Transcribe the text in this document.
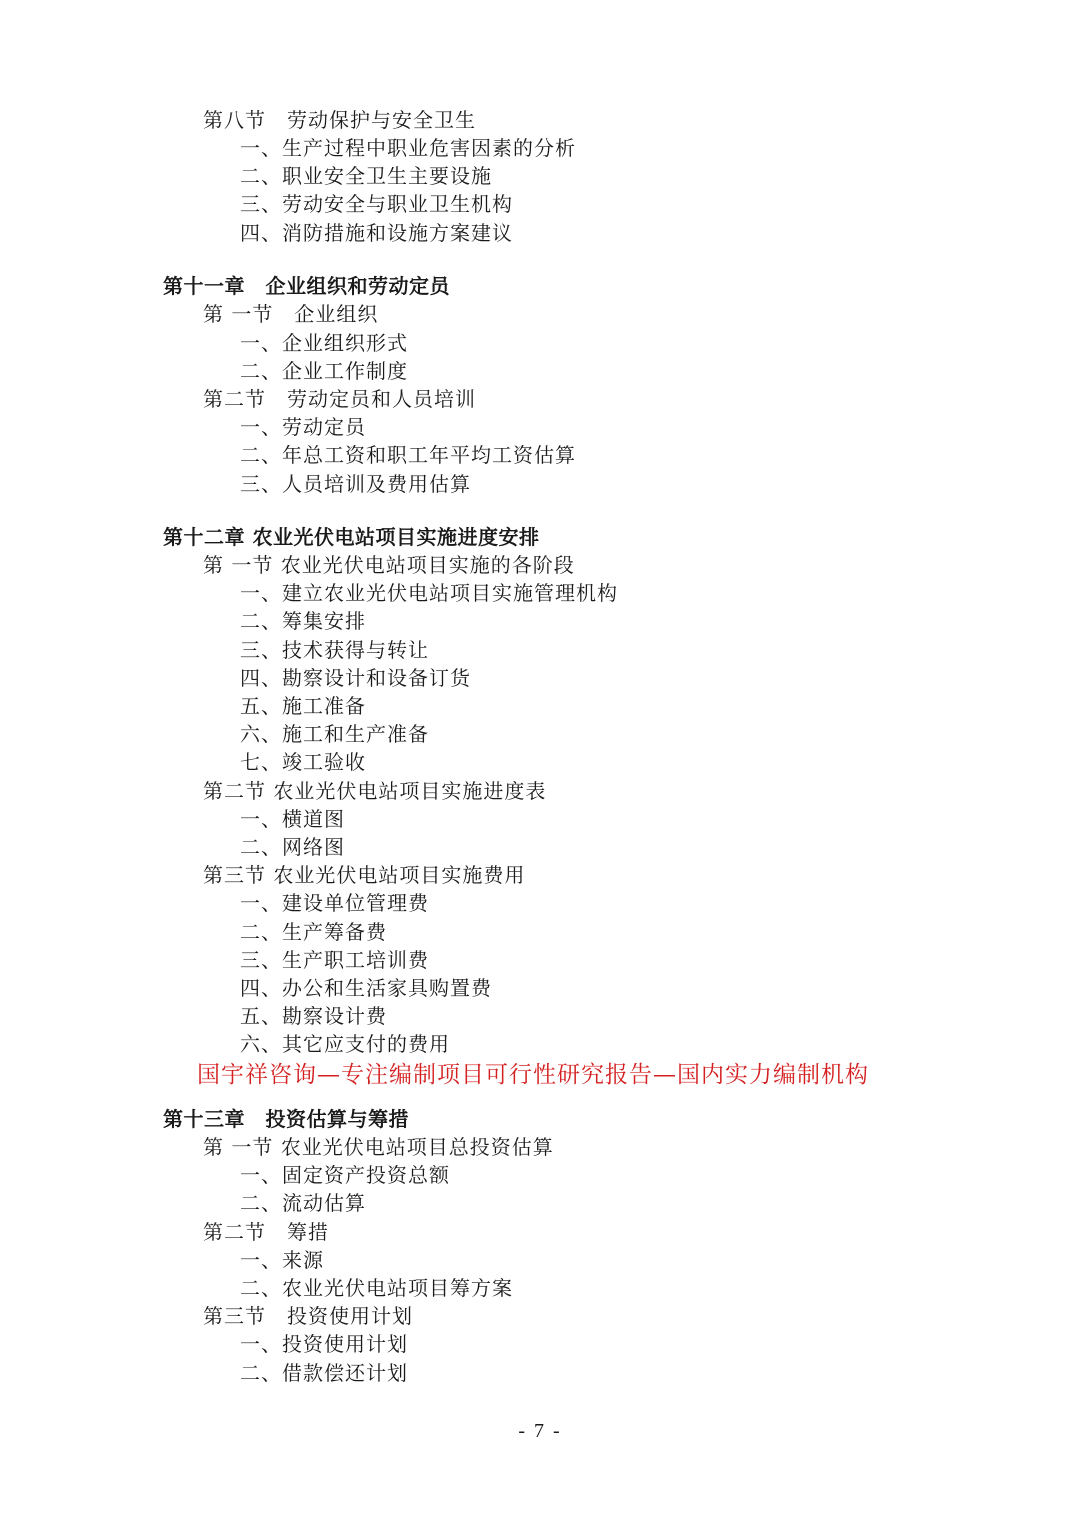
第八节　劳动保护与安全卫生
一、生产过程中职业危害因素的分析
二、职业安全卫生主要设施
三、劳动安全与职业卫生机构
四、消防措施和设施方案建议
第十一章　企业组织和劳动定员
第 一节　企业组织
一、企业组织形式
二、企业工作制度
第二节　劳动定员和人员培训
一、劳动定员
二、年总工资和职工年平均工资估算
三、人员培训及费用估算
第十二章 农业光伏电站项目实施进度安排
第 一节 农业光伏电站项目实施的各阶段
一、建立农业光伏电站项目实施管理机构
二、筹集安排
三、技术获得与转让
四、勘察设计和设备订货
五、施工准备
六、施工和生产准备
七、竣工验收
第二节 农业光伏电站项目实施进度表
一、横道图
二、网络图
第三节 农业光伏电站项目实施费用
一、建设单位管理费
二、生产筹备费
三、生产职工培训费
四、办公和生活家具购置费
五、勘察设计费
六、其它应支付的费用
国宇祥咨询—专注编制项目可行性研究报告—国内实力编制机构
第十三章　投资估算与筹措
第 一节 农业光伏电站项目总投资估算
一、固定资产投资总额
二、流动估算
第二节　筹措
一、来源
二、农业光伏电站项目筹方案
第三节　投资使用计划
一、投资使用计划
二、借款偿还计划
- 7 -
